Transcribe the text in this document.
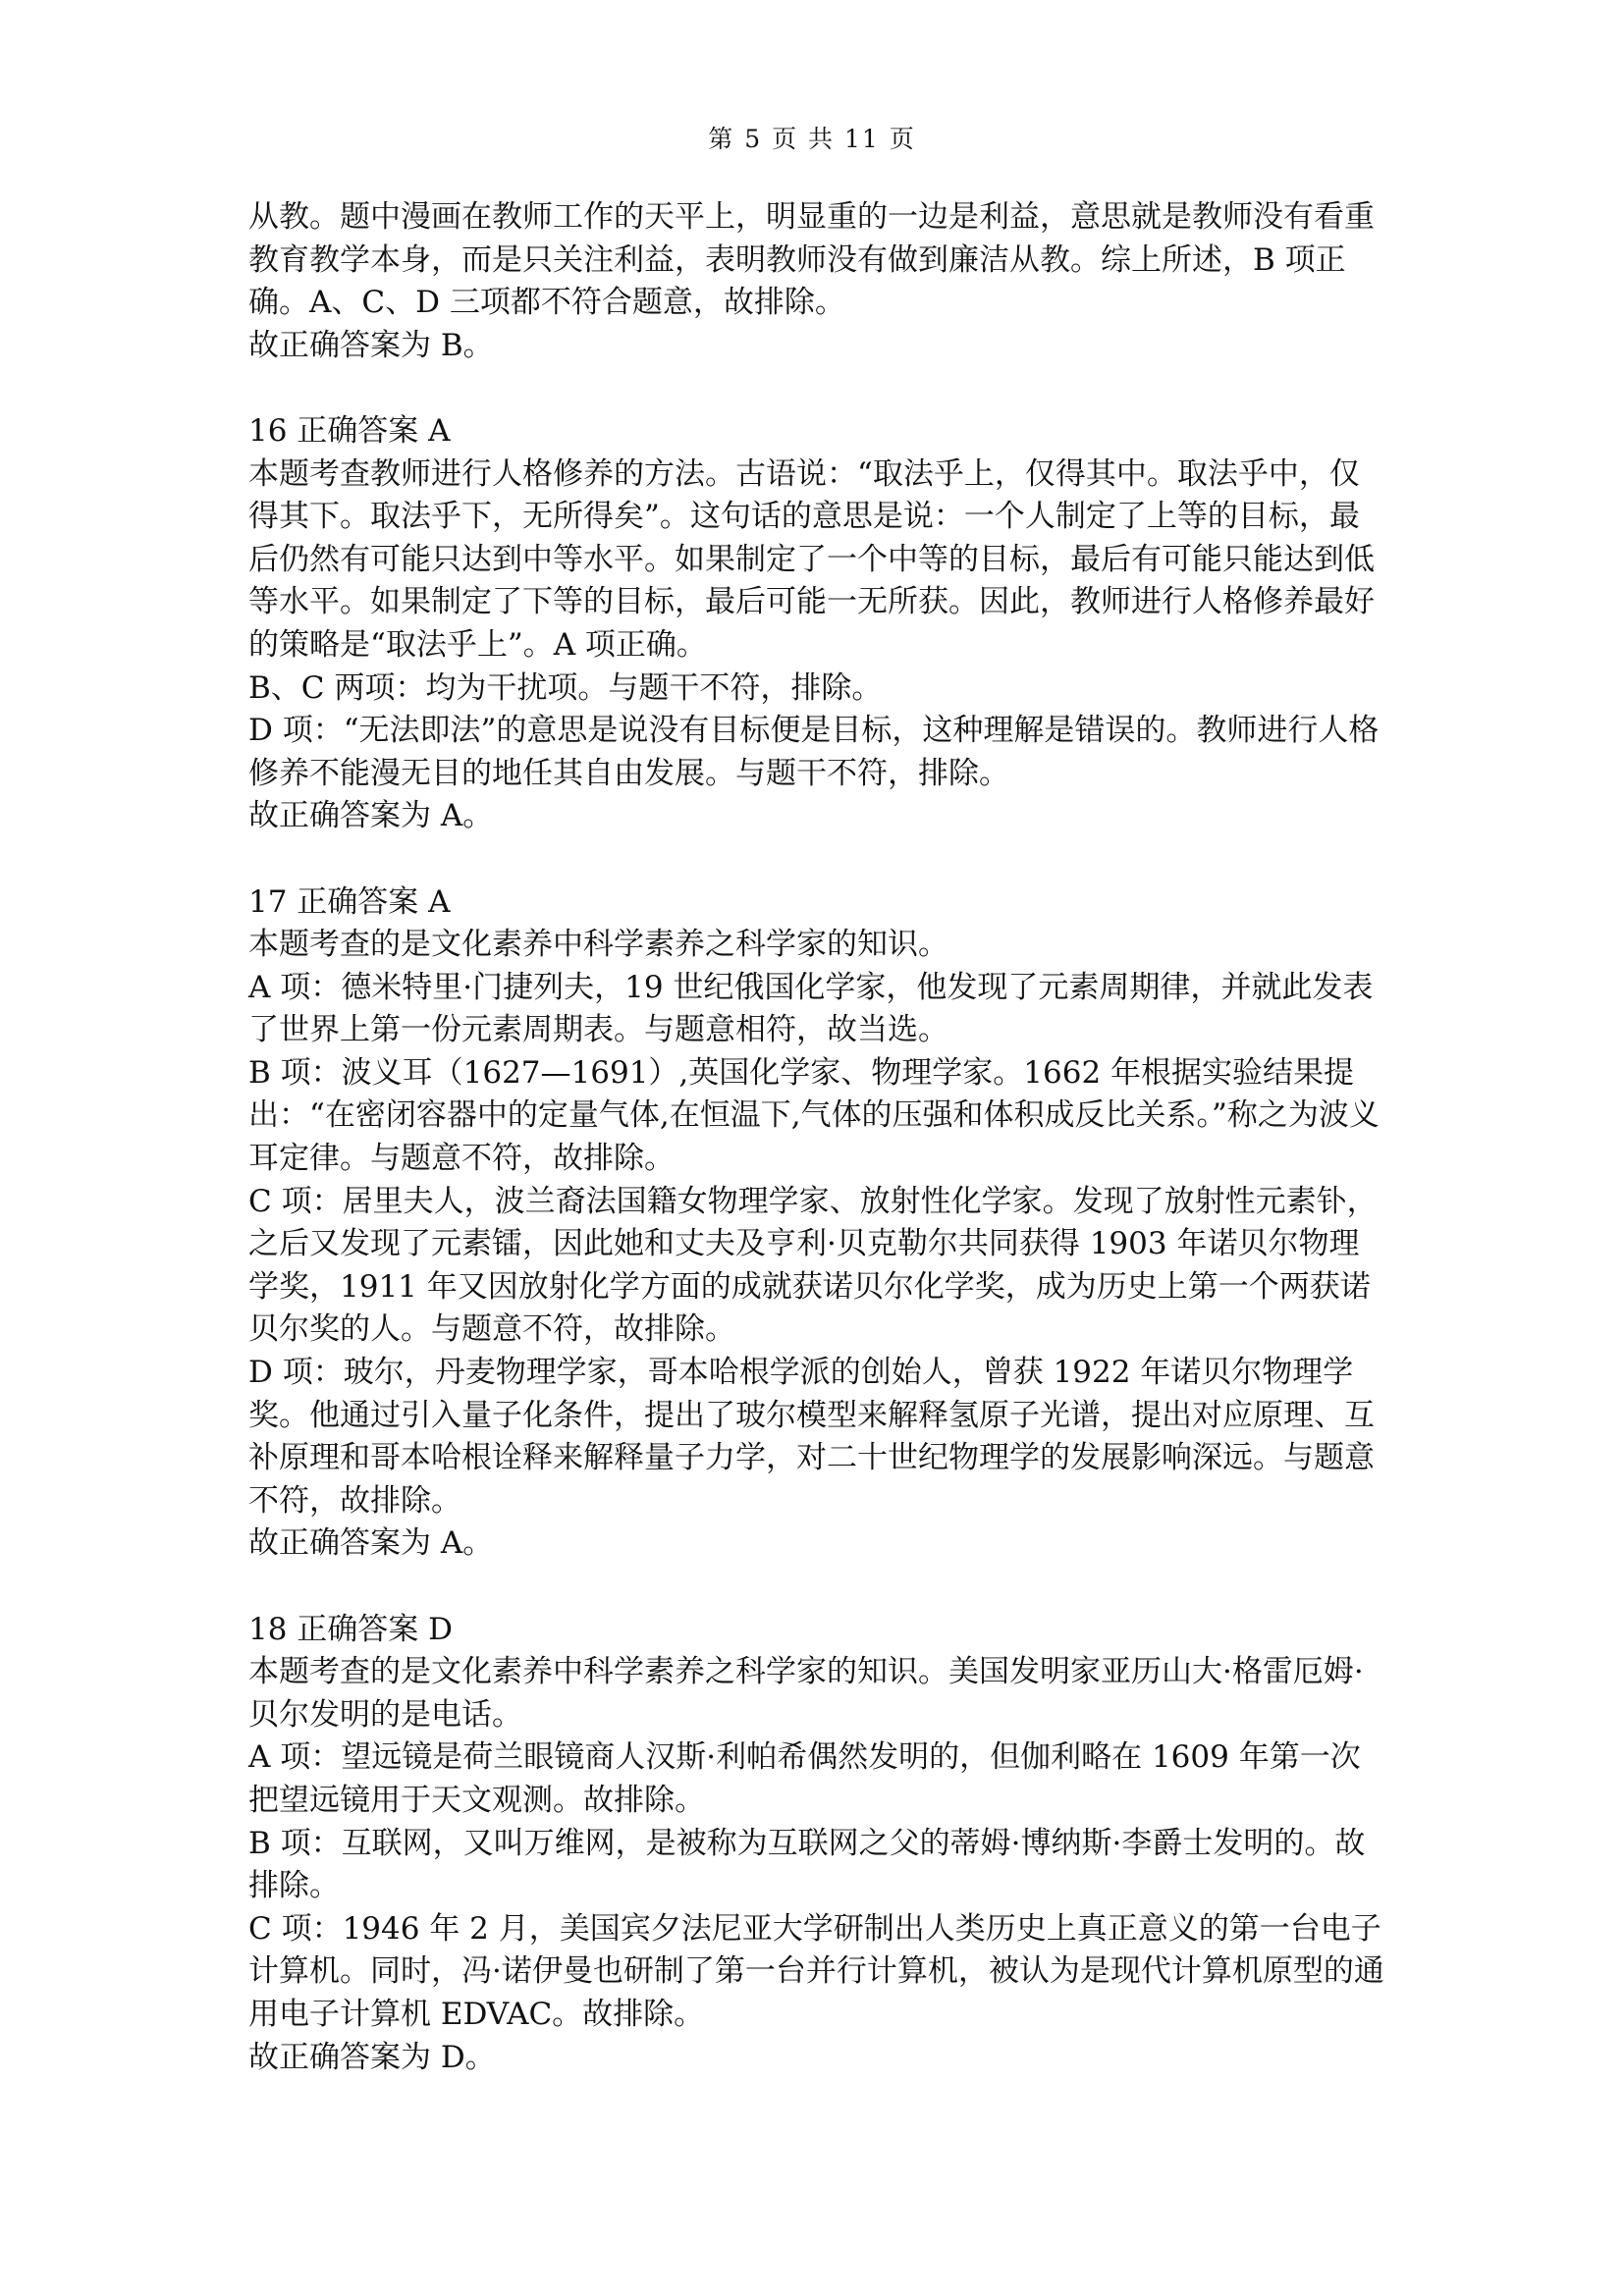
第 5 页 共 11 页

从教。题中漫画在教师工作的天平上，明显重的一边是利益，意思就是教师没有看重教育教学本身，而是只关注利益，表明教师没有做到廉洁从教。综上所述，B 项正确。A、C、D 三项都不符合题意，故排除。

故正确答案为 B。

16 正确答案 A

本题考查教师进行人格修养的方法。古语说：“取法乎上，仅得其中。取法乎中，仅得其下。取法乎下，无所得矣”。这句话的意思是说：一个人制定了上等的目标，最后仍然有可能只达到中等水平。如果制定了一个中等的目标，最后有可能只能达到低等水平。如果制定了下等的目标，最后可能一无所获。因此，教师进行人格修养最好的策略是“取法乎上”。A 项正确。

B、C 两项：均为干扰项。与题干不符，排除。

D 项：“无法即法”的意思是说没有目标便是目标，这种理解是错误的。教师进行人格修养不能漫无目的地任其自由发展。与题干不符，排除。

故正确答案为 A。

17 正确答案 A

本题考查的是文化素养中科学素养之科学家的知识。

A 项：德米特里·门捷列夫，19 世纪俄国化学家，他发现了元素周期律，并就此发表了世界上第一份元素周期表。与题意相符，故当选。

B 项：波义耳（1627—1691）,英国化学家、物理学家。1662 年根据实验结果提出：“在密闭容器中的定量气体,在恒温下,气体的压强和体积成反比关系。”称之为波义耳定律。与题意不符，故排除。

C 项：居里夫人，波兰裔法国籍女物理学家、放射性化学家。发现了放射性元素钋，之后又发现了元素镭，因此她和丈夫及亨利·贝克勒尔共同获得 1903 年诺贝尔物理学奖，1911 年又因放射化学方面的成就获诺贝尔化学奖，成为历史上第一个两获诺贝尔奖的人。与题意不符，故排除。

D 项：玻尔，丹麦物理学家，哥本哈根学派的创始人，曾获 1922 年诺贝尔物理学奖。他通过引入量子化条件，提出了玻尔模型来解释氢原子光谱，提出对应原理、互补原理和哥本哈根诠释来解释量子力学，对二十世纪物理学的发展影响深远。与题意不符，故排除。

故正确答案为 A。

18 正确答案 D

本题考查的是文化素养中科学素养之科学家的知识。美国发明家亚历山大·格雷厄姆·贝尔发明的是电话。

A 项：望远镜是荷兰眼镜商人汉斯·利帕希偶然发明的，但伽利略在 1609 年第一次把望远镜用于天文观测。故排除。

B 项：互联网，又叫万维网，是被称为互联网之父的蒂姆·博纳斯·李爵士发明的。故排除。

C 项：1946 年 2 月，美国宾夕法尼亚大学研制出人类历史上真正意义的第一台电子计算机。同时，冯·诺伊曼也研制了第一台并行计算机，被认为是现代计算机原型的通用电子计算机 EDVAC。故排除。

故正确答案为 D。
